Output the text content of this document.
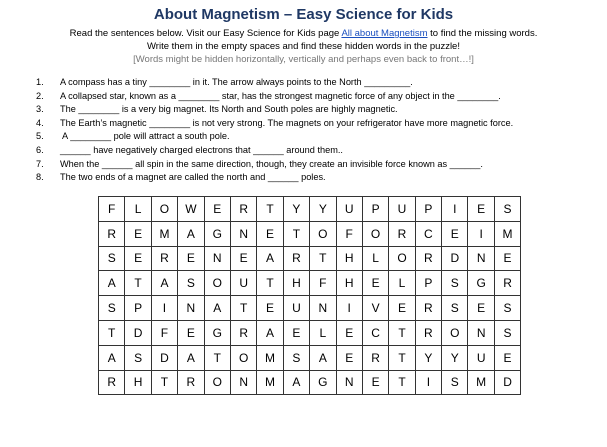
About Magnetism – Easy Science for Kids
Read the sentences below. Visit our Easy Science for Kids page All about Magnetism to find the missing words.
Write them in the empty spaces and find these hidden words in the puzzle!
[Words might be hidden horizontally, vertically and perhaps even back to front…!]
1. A compass has a tiny ________ in it. The arrow always points to the North _________.
2. A collapsed star, known as a ________ star, has the strongest magnetic force of any object in the ________.
3. The ________ is a very big magnet. Its North and South poles are highly magnetic.
4. The Earth’s magnetic ________ is not very strong. The magnets on your refrigerator have more magnetic force.
5. A ________ pole will attract a south pole.
6. ______ have negatively charged electrons that ______ around them..
7. When the ______ all spin in the same direction, though, they create an invisible force known as ______.
8. The two ends of a magnet are called the north and ______ poles.
F	L	O	W	E	R	T	Y	Y	U	P	U	P	I	E	S
R	E	M	A	G	N	E	T	O	F	O	R	C	E	I	M
S	E	R	E	N	E	A	R	T	H	L	O	R	D	N	E
A	T	A	S	O	U	T	H	F	H	E	L	P	S	G	R
S	P	I	N	A	T	E	U	N	I	V	E	R	S	E	S
T	D	F	E	G	R	A	E	L	E	C	T	R	O	N	S
A	S	D	A	T	O	M	S	A	E	R	T	Y	Y	U	E
R	H	T	R	O	N	M	A	G	N	E	T	I	S	M	D
